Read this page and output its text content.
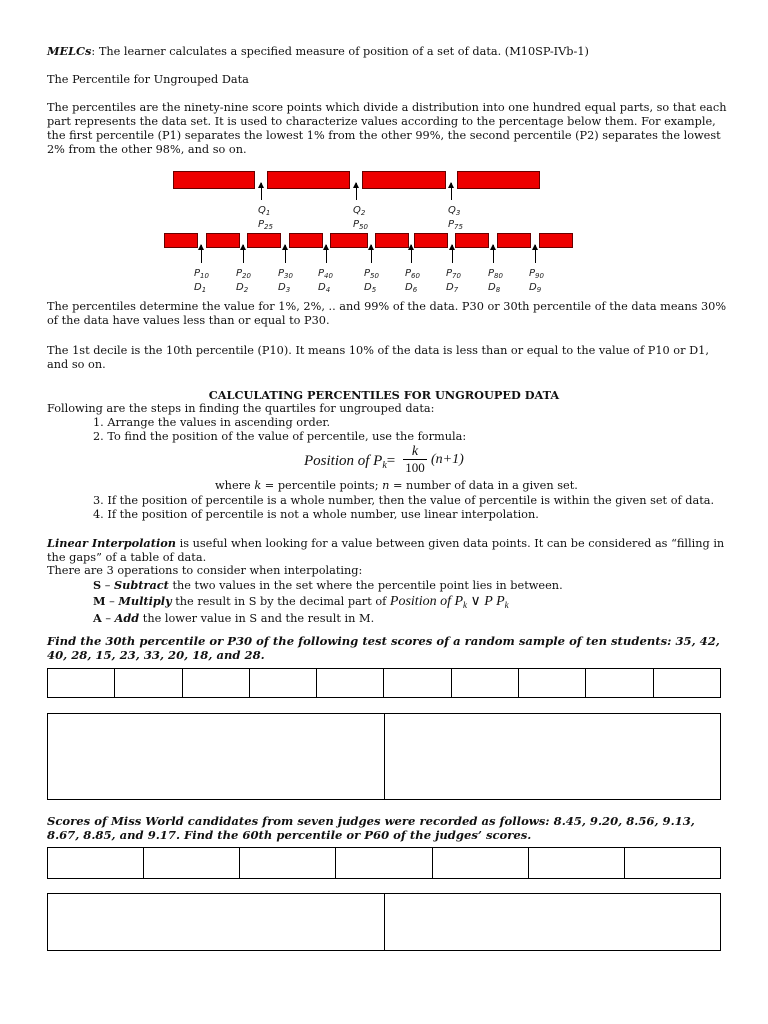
MELCs: The learner calculates a specified measure of position of a set of data. (M10SP-IVb-1)

The Percentile for Ungrouped Data

The percentiles are the ninety-nine score points which divide a distribution into one hundred equal parts, so that each part represents the data set. It is used to characterize values according to the percentage below them. For example, the first percentile (P1) separates the lowest 1% from the other 99%, the second percentile (P2) separates the lowest 2% from the other 98%, and so on.

$Q_1$
$P_{25}$
$Q_2$
$P_{50}$
$Q_3$
$P_{75}$
$P_{10}$
$D_1$
$P_{20}$
$D_2$
$P_{30}$
$D_3$
$P_{40}$
$D_4$
$P_{50}$
$D_5$
$P_{60}$
$D_6$
$P_{70}$
$D_7$
$P_{80}$
$D_8$
$P_{90}$
$D_9$

The percentiles determine the value for 1%, 2%, .. and 99% of the data. P30 or 30th percentile of the data means 30% of the data have values less than or equal to P30.

The 1st decile is the 10th percentile (P10). It means 10% of the data is less than or equal to the value of P10 or D1, and so on.

CALCULATING PERCENTILES FOR UNGROUPED DATA

Following are the steps in finding the quartiles for ungrouped data:

1. Arrange the values in ascending order.

2. To find the position of the value of percentile, use the formula:

Position of $P_k=$
k
100
(n+1)

where k = percentile points; n = number of data in a given set.

3. If the position of percentile is a whole number, then the value of percentile is within the given set of data.

4. If the position of percentile is not a whole number, use linear interpolation.

Linear Interpolation is useful when looking for a value between given data points. It can be considered as “filling in the gaps” of a table of data.

There are 3 operations to consider when interpolating:

S – Subtract the two values in the set where the percentile point lies in between.

M – Multiply the result in S by the decimal part of Position of $P_k$ ∨ P $P_k$

A – Add the lower value in S and the result in M.

Find the 30th percentile or P30 of the following test scores of a random sample of ten students: 35, 42, 40, 28, 15, 23, 33, 20, 18, and 28.

Scores of Miss World candidates from seven judges were recorded as follows: 8.45, 9.20, 8.56, 9.13, 8.67, 8.85, and 9.17. Find the 60th percentile or P60 of the judges’ scores.
